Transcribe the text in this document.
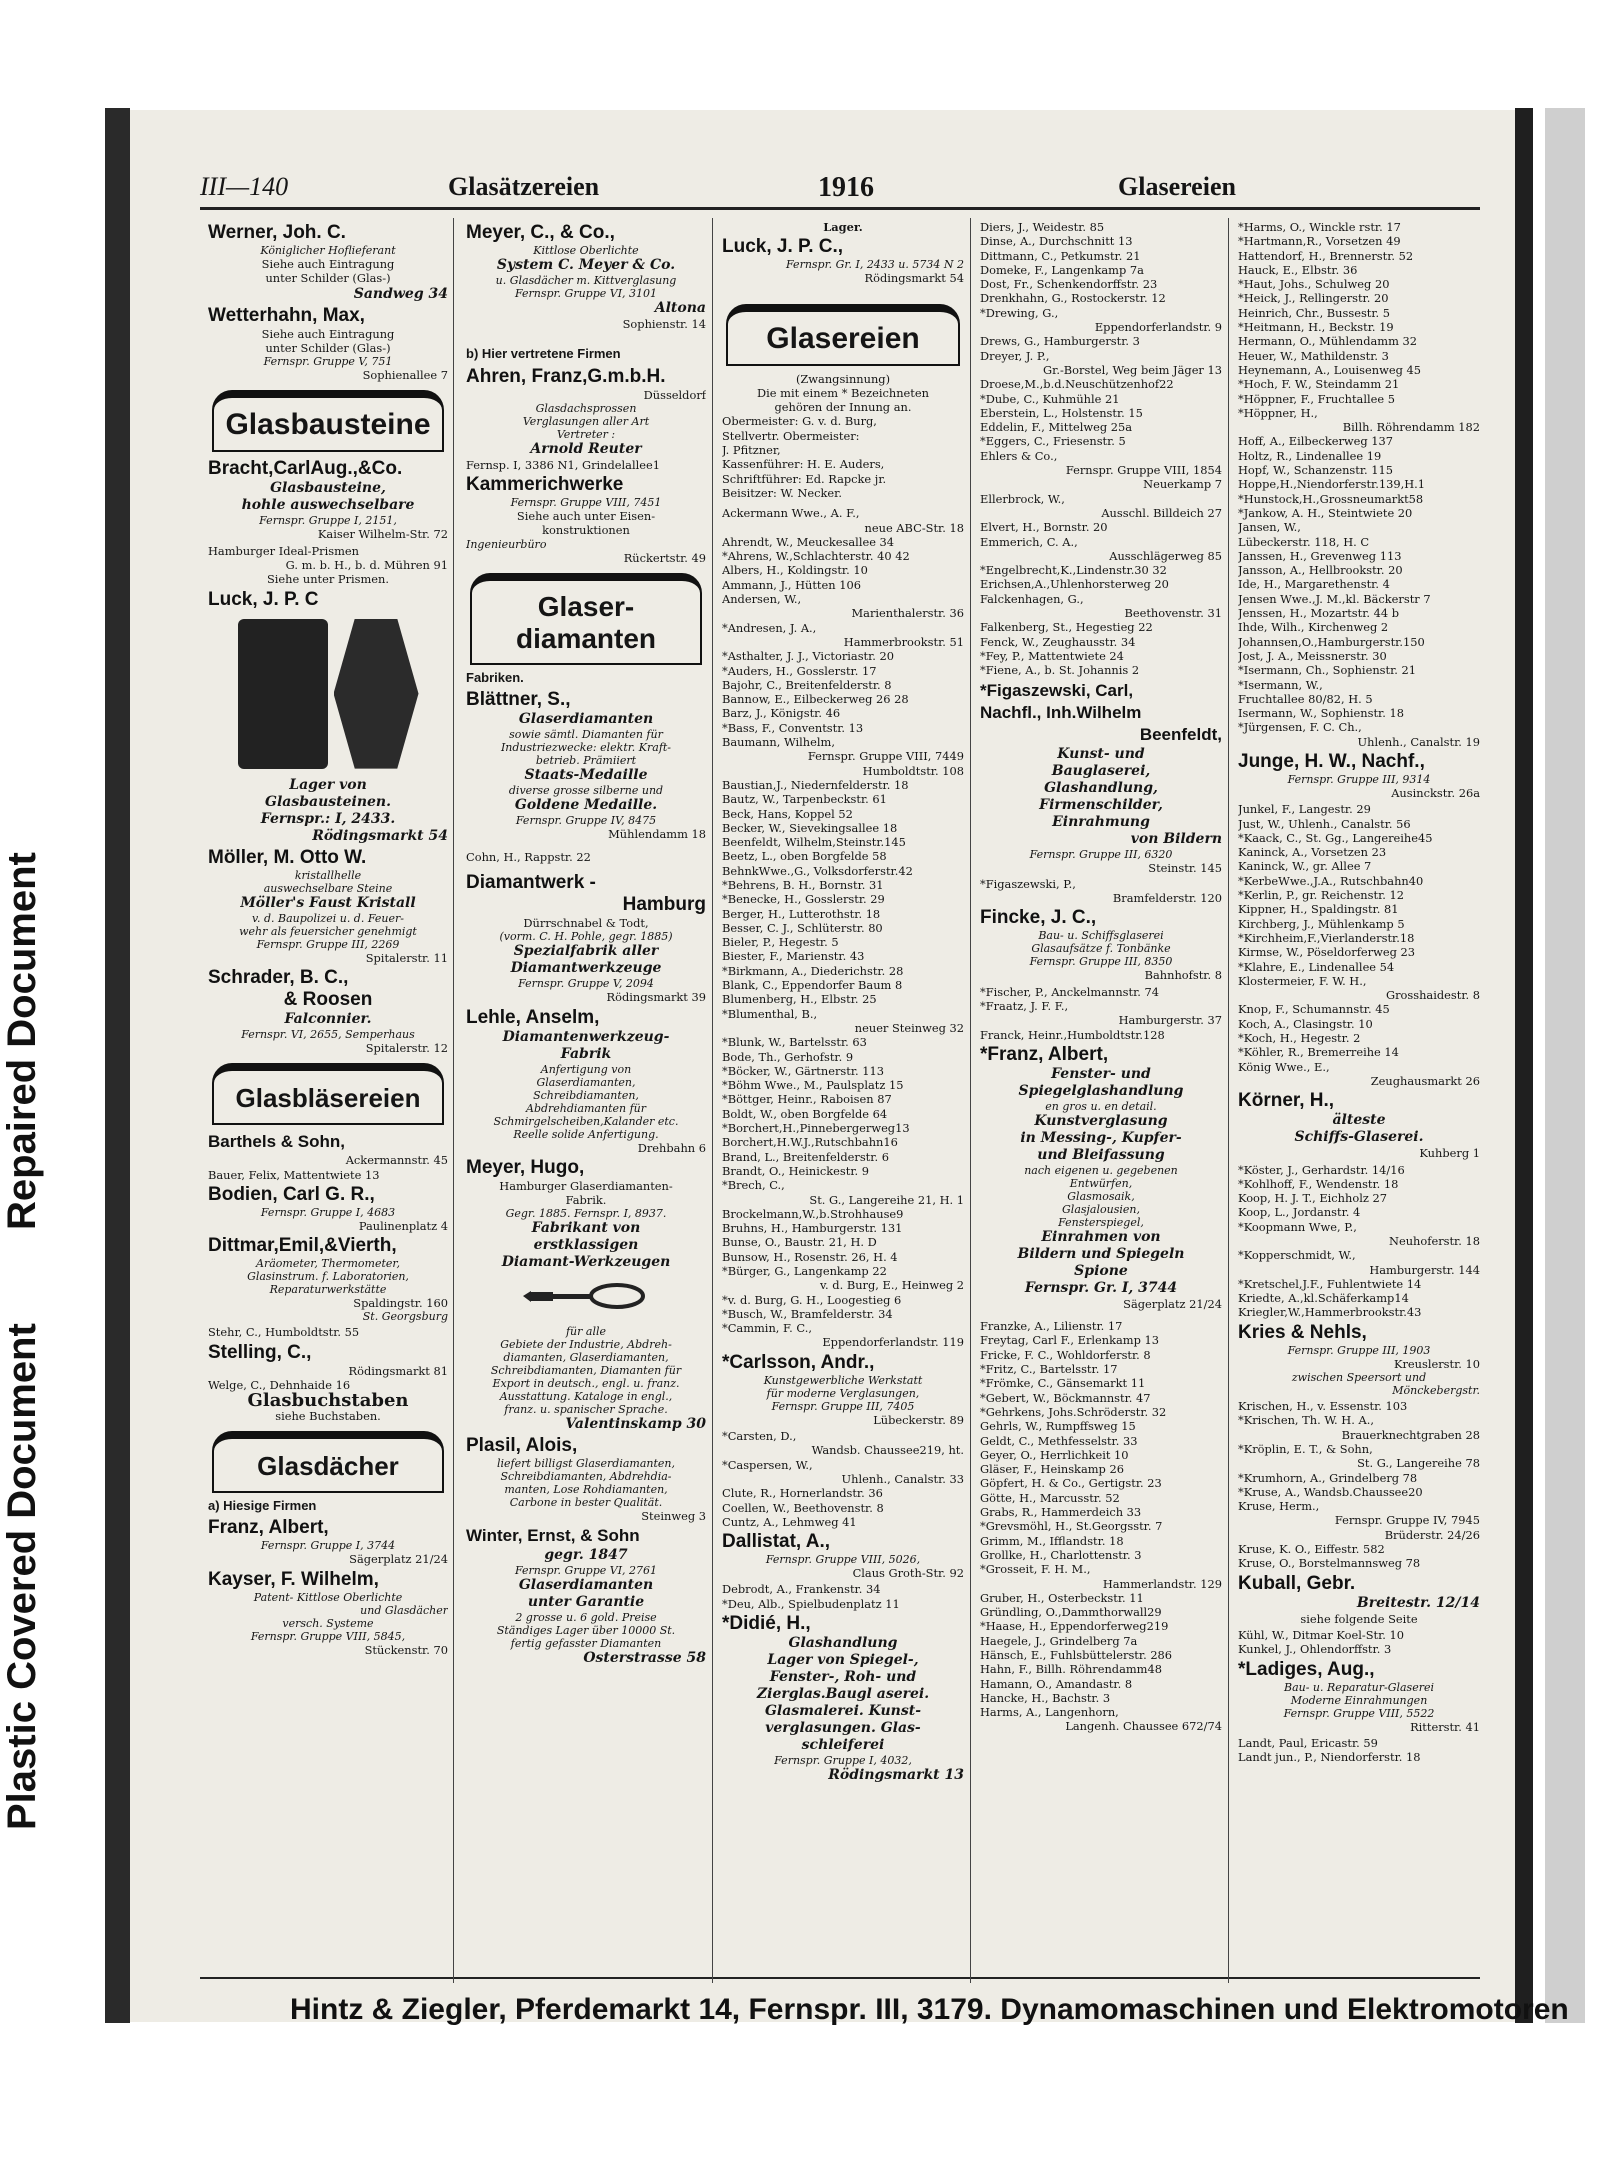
Repaired Document
Plastic Covered Document
III—140	Glasätzereien	1916	Glasereien
Werner, Joh. C.
Königlicher Hoflieferant
Siehe auch Eintragung
unter Schilder (Glas-)
Sandweg 34
Wetterhahn, Max,
Siehe auch Eintragung
unter Schilder (Glas-)
Fernspr. Gruppe V, 751
Sophienallee 7
Glasbausteine
Bracht,CarlAug.,&Co.
Glasbausteine,
hohle auswechselbare
Fernspr. Gruppe I, 2151,
Kaiser Wilhelm-Str. 72
Hamburger Ideal-Prismen
G. m. b. H., b. d. Mühren 91
Siehe unter Prismen.
Luck, J. P. C
Lager von
Glasbausteinen.
Fernspr.: I, 2433.
Rödingsmarkt 54
Möller, M. Otto W.
kristallhelle
auswechselbare Steine
Möller's Faust Kristall
v. d. Baupolizei u. d. Feuer-
wehr als feuersicher genehmigt
Fernspr. Gruppe III, 2269
Spitalerstr. 11
Schrader, B. C.,
& Roosen
Falconnier.
Fernspr. VI, 2655, Semperhaus
Spitalerstr. 12
Glasbläsereien
Barthels & Sohn,
Ackermannstr. 45
Bauer, Felix, Mattentwiete 13
Bodien, Carl G. R.,
Fernspr. Gruppe I, 4683
Paulinenplatz 4
Dittmar,Emil,&Vierth,
Aräometer, Thermometer,
Glasinstrum. f. Laboratorien,
Reparaturwerkstätte
Spaldingstr. 160
St. Georgsburg
Stehr, C., Humboldtstr. 55
Stelling, C.,
Rödingsmarkt 81
Welge, C., Dehnhaide 16
Glasbuchstaben
siehe Buchstaben.
Glasdächer
a) Hiesige Firmen
Franz, Albert,
Fernspr. Gruppe I, 3744
Sägerplatz 21/24
Kayser, F. Wilhelm,
Patent- Kittlose Oberlichte
und Glasdächer
versch. Systeme
Fernspr. Gruppe VIII, 5845,
Stückenstr. 70
Meyer, C., & Co.,
Kittlose Oberlichte
System C. Meyer & Co.
u. Glasdächer m. Kittverglasung
Fernspr. Gruppe VI, 3101
Altona
Sophienstr. 14
b) Hier vertretene Firmen
Ahren, Franz,G.m.b.H.
Düsseldorf
Glasdachsprossen
Verglasungen aller Art
Vertreter :
Arnold Reuter
Fernsp. I, 3386 N1, Grindelallee1
Kammerichwerke
Fernspr. Gruppe VIII, 7451
Siehe auch unter Eisen-
konstruktionen
Ingenieurbüro
Rückertstr. 49
Glaser-
diamanten
Fabriken.
Blättner, S.,
Glaserdiamanten
sowie sämtl. Diamanten für
Industriezwecke: elektr. Kraft-
betrieb. Prämiiert
Staats-Medaille
diverse grosse silberne und
Goldene Medaille.
Fernspr. Gruppe IV, 8475
Mühlendamm 18
Cohn, H., Rappstr. 22
Diamantwerk -
Hamburg
Dürrschnabel & Todt,
(vorm. C. H. Pohle, gegr. 1885)
Spezialfabrik aller
Diamantwerkzeuge
Fernspr. Gruppe V, 2094
Rödingsmarkt 39
Lehle, Anselm,
Diamantenwerkzeug-
Fabrik
Anfertigung von
Glaserdiamanten,
Schreibdiamanten,
Abdrehdiamanten für
Schmirgelscheiben,Kalander etc.
Reelle solide Anfertigung.
Drehbahn 6
Meyer, Hugo,
Hamburger Glaserdiamanten-
Fabrik.
Gegr. 1885. Fernspr. I, 8937.
Fabrikant von
erstklassigen
Diamant-Werkzeugen
für alle
Gebiete der Industrie, Abdreh-
diamanten, Glaserdiamanten,
Schreibdiamanten, Diamanten für
Export in deutsch., engl. u. franz.
Ausstattung. Kataloge in engl.,
franz. u. spanischer Sprache.
Valentinskamp 30
Plasil, Alois,
liefert billigst Glaserdiamanten,
Schreibdiamanten, Abdrehdia-
manten, Lose Rohdiamanten,
Carbone in bester Qualität.
Steinweg 3
Winter, Ernst, & Sohn
gegr. 1847
Fernspr. Gruppe VI, 2761
Glaserdiamanten
unter Garantie
2 grosse u. 6 gold. Preise
Ständiges Lager über 10000 St.
fertig gefasster Diamanten
Osterstrasse 58
Lager.
Luck, J. P. C.,
Fernspr. Gr. I, 2433 u. 5734 N 2
Rödingsmarkt 54
Glasereien
(Zwangsinnung)
Die mit einem * Bezeichneten
gehören der Innung an.
Obermeister: G. v. d. Burg,
Stellvertr. Obermeister:
J. Pfitzner,
Kassenführer: H. E. Auders,
Schriftführer: Ed. Rapcke jr.
Beisitzer: W. Necker.
Ackermann Wwe., A. F.,
neue ABC-Str. 18
Ahrendt, W., Meuckesallee 34
*Ahrens, W.,Schlachterstr. 40 42
Albers, H., Koldingstr. 10
Ammann, J., Hütten 106
Andersen, W.,
Marienthalerstr. 36
*Andresen, J. A.,
Hammerbrookstr. 51
*Asthalter, J. J., Victoriastr. 20
*Auders, H., Gosslerstr. 17
Bajohr, C., Breitenfelderstr. 8
Bannow, E., Eilbeckerweg 26 28
Barz, J., Königstr. 46
*Bass, F., Conventstr. 13
Baumann, Wilhelm,
Fernspr. Gruppe VIII, 7449
Humboldtstr. 108
Baustian,J., Niedernfelderstr. 18
Bautz, W., Tarpenbeckstr. 61
Beck, Hans, Koppel 52
Becker, W., Sievekingsallee 18
Beenfeldt, Wilhelm,Steinstr.145
Beetz, L., oben Borgfelde 58
BehnkWwe.,G., Volksdorferstr.42
*Behrens, B. H., Bornstr. 31
*Benecke, H., Gosslerstr. 29
Berger, H., Lutterothstr. 18
Besser, C. J., Schlüterstr. 80
Bieler, P., Hegestr. 5
Biester, F., Marienstr. 43
*Birkmann, A., Diederichstr. 28
Blank, C., Eppendorfer Baum 8
Blumenberg, H., Elbstr. 25
*Blumenthal, B.,
neuer Steinweg 32
*Blunk, W., Bartelsstr. 63
Bode, Th., Gerhofstr. 9
*Böcker, W., Gärtnerstr. 113
*Böhm Wwe., M., Paulsplatz 15
*Böttger, Heinr., Raboisen 87
Boldt, W., oben Borgfelde 64
*Borchert,H.,Pinnebergerweg13
Borchert,H.W.J.,Rutschbahn16
Brand, L., Breitenfelderstr. 6
Brandt, O., Heinickestr. 9
*Brech, C.,
St. G., Langereihe 21, H. 1
Brockelmann,W.,b.Strohhause9
Bruhns, H., Hamburgerstr. 131
Bunse, O., Baustr. 21, H. D
Bunsow, H., Rosenstr. 26, H. 4
*Bürger, G., Langenkamp 22
v. d. Burg, E., Heinweg 2
*v. d. Burg, G. H., Loogestieg 6
*Busch, W., Bramfelderstr. 34
*Cammin, F. C.,
Eppendorferlandstr. 119
*Carlsson, Andr.,
Kunstgewerbliche Werkstatt
für moderne Verglasungen,
Fernspr. Gruppe III, 7405
Lübeckerstr. 89
*Carsten, D.,
Wandsb. Chaussee219, ht.
*Caspersen, W.,
Uhlenh., Canalstr. 33
Clute, R., Hornerlandstr. 36
Coellen, W., Beethovenstr. 8
Cuntz, A., Lehmweg 41
Dallistat, A.,
Fernspr. Gruppe VIII, 5026,
Claus Groth-Str. 92
Debrodt, A., Frankenstr. 34
*Deu, Alb., Spielbudenplatz 11
*Didié, H.,
Glashandlung
Lager von Spiegel-,
Fenster-, Roh- und
Zierglas.Baugl aserei.
Glasmalerei. Kunst-
verglasungen. Glas-
schleiferei
Fernspr. Gruppe I, 4032,
Rödingsmarkt 13
Diers, J., Weidestr. 85
Dinse, A., Durchschnitt 13
Dittmann, C., Petkumstr. 21
Domeke, F., Langenkamp 7a
Dost, Fr., Schenkendorffstr. 23
Drenkhahn, G., Rostockerstr. 12
*Drewing, G.,
Eppendorferlandstr. 9
Drews, G., Hamburgerstr. 3
Dreyer, J. P.,
Gr.-Borstel, Weg beim Jäger 13
Droese,M.,b.d.Neuschützenhof22
*Dube, C., Kuhmühle 21
Eberstein, L., Holstenstr. 15
Eddelin, F., Mittelweg 25a
*Eggers, C., Friesenstr. 5
Ehlers & Co.,
Fernspr. Gruppe VIII, 1854
Neuerkamp 7
Ellerbrock, W.,
Ausschl. Billdeich 27
Elvert, H., Bornstr. 20
Emmerich, C. A.,
Ausschlägerweg 85
*Engelbrecht,K.,Lindenstr.30 32
Erichsen,A.,Uhlenhorsterweg 20
Falckenhagen, G.,
Beethovenstr. 31
Falkenberg, St., Hegestieg 22
Fenck, W., Zeughausstr. 34
*Fey, P., Mattentwiete 24
*Fiene, A., b. St. Johannis 2
*Figaszewski, Carl,
Nachfl., Inh.Wilhelm
Beenfeldt,
Kunst- und
Bauglaserei,
Glashandlung,
Firmenschilder,
Einrahmung
von Bildern
Fernspr. Gruppe III, 6320
Steinstr. 145
*Figaszewski, P.,
Bramfelderstr. 120
Fincke, J. C.,
Bau- u. Schiffsglaserei
Glasaufsätze f. Tonbänke
Fernspr. Gruppe III, 8350
Bahnhofstr. 8
*Fischer, P., Anckelmannstr. 74
*Fraatz, J. F. F.,
Hamburgerstr. 37
Franck, Heinr.,Humboldtstr.128
*Franz, Albert,
Fenster- und
Spiegelglashandlung
en gros u. en detail.
Kunstverglasung
in Messing-, Kupfer-
und Bleifassung
nach eigenen u. gegebenen
Entwürfen,
Glasmosaik,
Glasjalousien,
Fensterspiegel,
Einrahmen von
Bildern und Spiegeln
Spione
Fernspr. Gr. I, 3744
Sägerplatz 21/24
Franzke, A., Lilienstr. 17
Freytag, Carl F., Erlenkamp 13
Fricke, F. C., Wohldorferstr. 8
*Fritz, C., Bartelsstr. 17
*Frömke, C., Gänsemarkt 11
*Gebert, W., Böckmannstr. 47
*Gehrkens, Johs.Schröderstr. 32
Gehrls, W., Rumpffsweg 15
Geldt, C., Methfesselstr. 33
Geyer, O., Herrlichkeit 10
Gläser, F., Heinskamp 26
Göpfert, H. & Co., Gertigstr. 23
Götte, H., Marcusstr. 52
Grabs, R., Hammerdeich 33
*Grevsmöhl, H., St.Georgsstr. 7
Grimm, M., Ifflandstr. 18
Grollke, H., Charlottenstr. 3
*Grosseit, F. H. M.,
Hammerlandstr. 129
Gruber, H., Osterbeckstr. 11
Gründling, O.,Dammthorwall29
*Haase, H., Eppendorferweg219
Haegele, J., Grindelberg 7a
Hänsch, E., Fuhlsbüttelerstr. 286
Hahn, F., Billh. Röhrendamm48
Hamann, O., Amandastr. 8
Hancke, H., Bachstr. 3
Harms, A., Langenhorn,
Langenh. Chaussee 672/74
*Harms, O., Winckle rstr. 17
*Hartmann,R., Vorsetzen 49
Hattendorf, H., Brennerstr. 52
Hauck, E., Elbstr. 36
*Haut, Johs., Schulweg 20
*Heick, J., Rellingerstr. 20
Heinrich, Chr., Bussestr. 5
*Heitmann, H., Beckstr. 19
Hermann, O., Mühlendamm 32
Heuer, W., Mathildenstr. 3
Heynemann, A., Louisenweg 45
*Hoch, F. W., Steindamm 21
*Höppner, F., Fruchtallee 5
*Höppner, H.,
Billh. Röhrendamm 182
Hoff, A., Eilbeckerweg 137
Holtz, R., Lindenallee 19
Hopf, W., Schanzenstr. 115
Hoppe,H.,Niendorferstr.139,H.1
*Hunstock,H.,Grossneumarkt58
*Jankow, A. H., Steintwiete 20
Jansen, W.,
Lübeckerstr. 118, H. C
Janssen, H., Grevenweg 113
Jansson, A., Hellbrookstr. 20
Ide, H., Margarethenstr. 4
Jensen Wwe.,J. M.,kl. Bäckerstr 7
Jenssen, H., Mozartstr. 44 b
Ihde, Wilh., Kirchenweg 2
Johannsen,O.,Hamburgerstr.150
Jost, J. A., Meissnerstr. 30
*Isermann, Ch., Sophienstr. 21
*Isermann, W.,
Fruchtallee 80/82, H. 5
Isermann, W., Sophienstr. 18
*Jürgensen, F. C. Ch.,
Uhlenh., Canalstr. 19
Junge, H. W., Nachf.,
Fernspr. Gruppe III, 9314
Ausinckstr. 26a
Junkel, F., Langestr. 29
Just, W., Uhlenh., Canalstr. 56
*Kaack, C., St. Gg., Langereihe45
Kaninck, A., Vorsetzen 23
Kaninck, W., gr. Allee 7
*KerbeWwe.,J.A., Rutschbahn40
*Kerlin, P., gr. Reichenstr. 12
Kippner, H., Spaldingstr. 81
Kirchberg, J., Mühlenkamp 5
*Kirchheim,F.,Vierlanderstr.18
Kirmse, W., Pöseldorferweg 23
*Klahre, E., Lindenallee 54
Klostermeier, F. W. H.,
Grosshaidestr. 8
Knop, F., Schumannstr. 45
Koch, A., Clasingstr. 10
*Koch, H., Hegestr. 2
*Köhler, R., Bremerreihe 14
König Wwe., E.,
Zeughausmarkt 26
Körner, H.,
älteste
Schiffs-Glaserei.
Kuhberg 1
*Köster, J., Gerhardstr. 14/16
*Kohlhoff, F., Wendenstr. 18
Koop, H. J. T., Eichholz 27
Koop, L., Jordanstr. 4
*Koopmann Wwe, P.,
Neuhoferstr. 18
*Kopperschmidt, W.,
Hamburgerstr. 144
*Kretschel,J.F., Fuhlentwiete 14
Kriedte, A.,kl.Schäferkamp14
Kriegler,W.,Hammerbrookstr.43
Kries & Nehls,
Fernspr. Gruppe III, 1903
Kreuslerstr. 10
zwischen Speersort und
Mönckebergstr.
Krischen, H., v. Essenstr. 103
*Krischen, Th. W. H. A.,
Brauerknechtgraben 28
*Kröplin, E. T., & Sohn,
St. G., Langereihe 78
*Krumhorn, A., Grindelberg 78
*Kruse, A., Wandsb.Chaussee20
Kruse, Herm.,
Fernspr. Gruppe IV, 7945
Brüderstr. 24/26
Kruse, K. O., Eiffestr. 582
Kruse, O., Borstelmannsweg 78
Kuball, Gebr.
Breitestr. 12/14
siehe folgende Seite
Kühl, W., Ditmar Koel-Str. 10
Kunkel, J., Ohlendorffstr. 3
*Ladiges, Aug.,
Bau- u. Reparatur-Glaserei
Moderne Einrahmungen
Fernspr. Gruppe VIII, 5522
Ritterstr. 41
Landt, Paul, Ericastr. 59
Landt jun., P., Niendorferstr. 18
Hintz & Ziegler, Pferdemarkt 14, Fernspr. III, 3179. Dynamomaschinen und Elektromotoren
